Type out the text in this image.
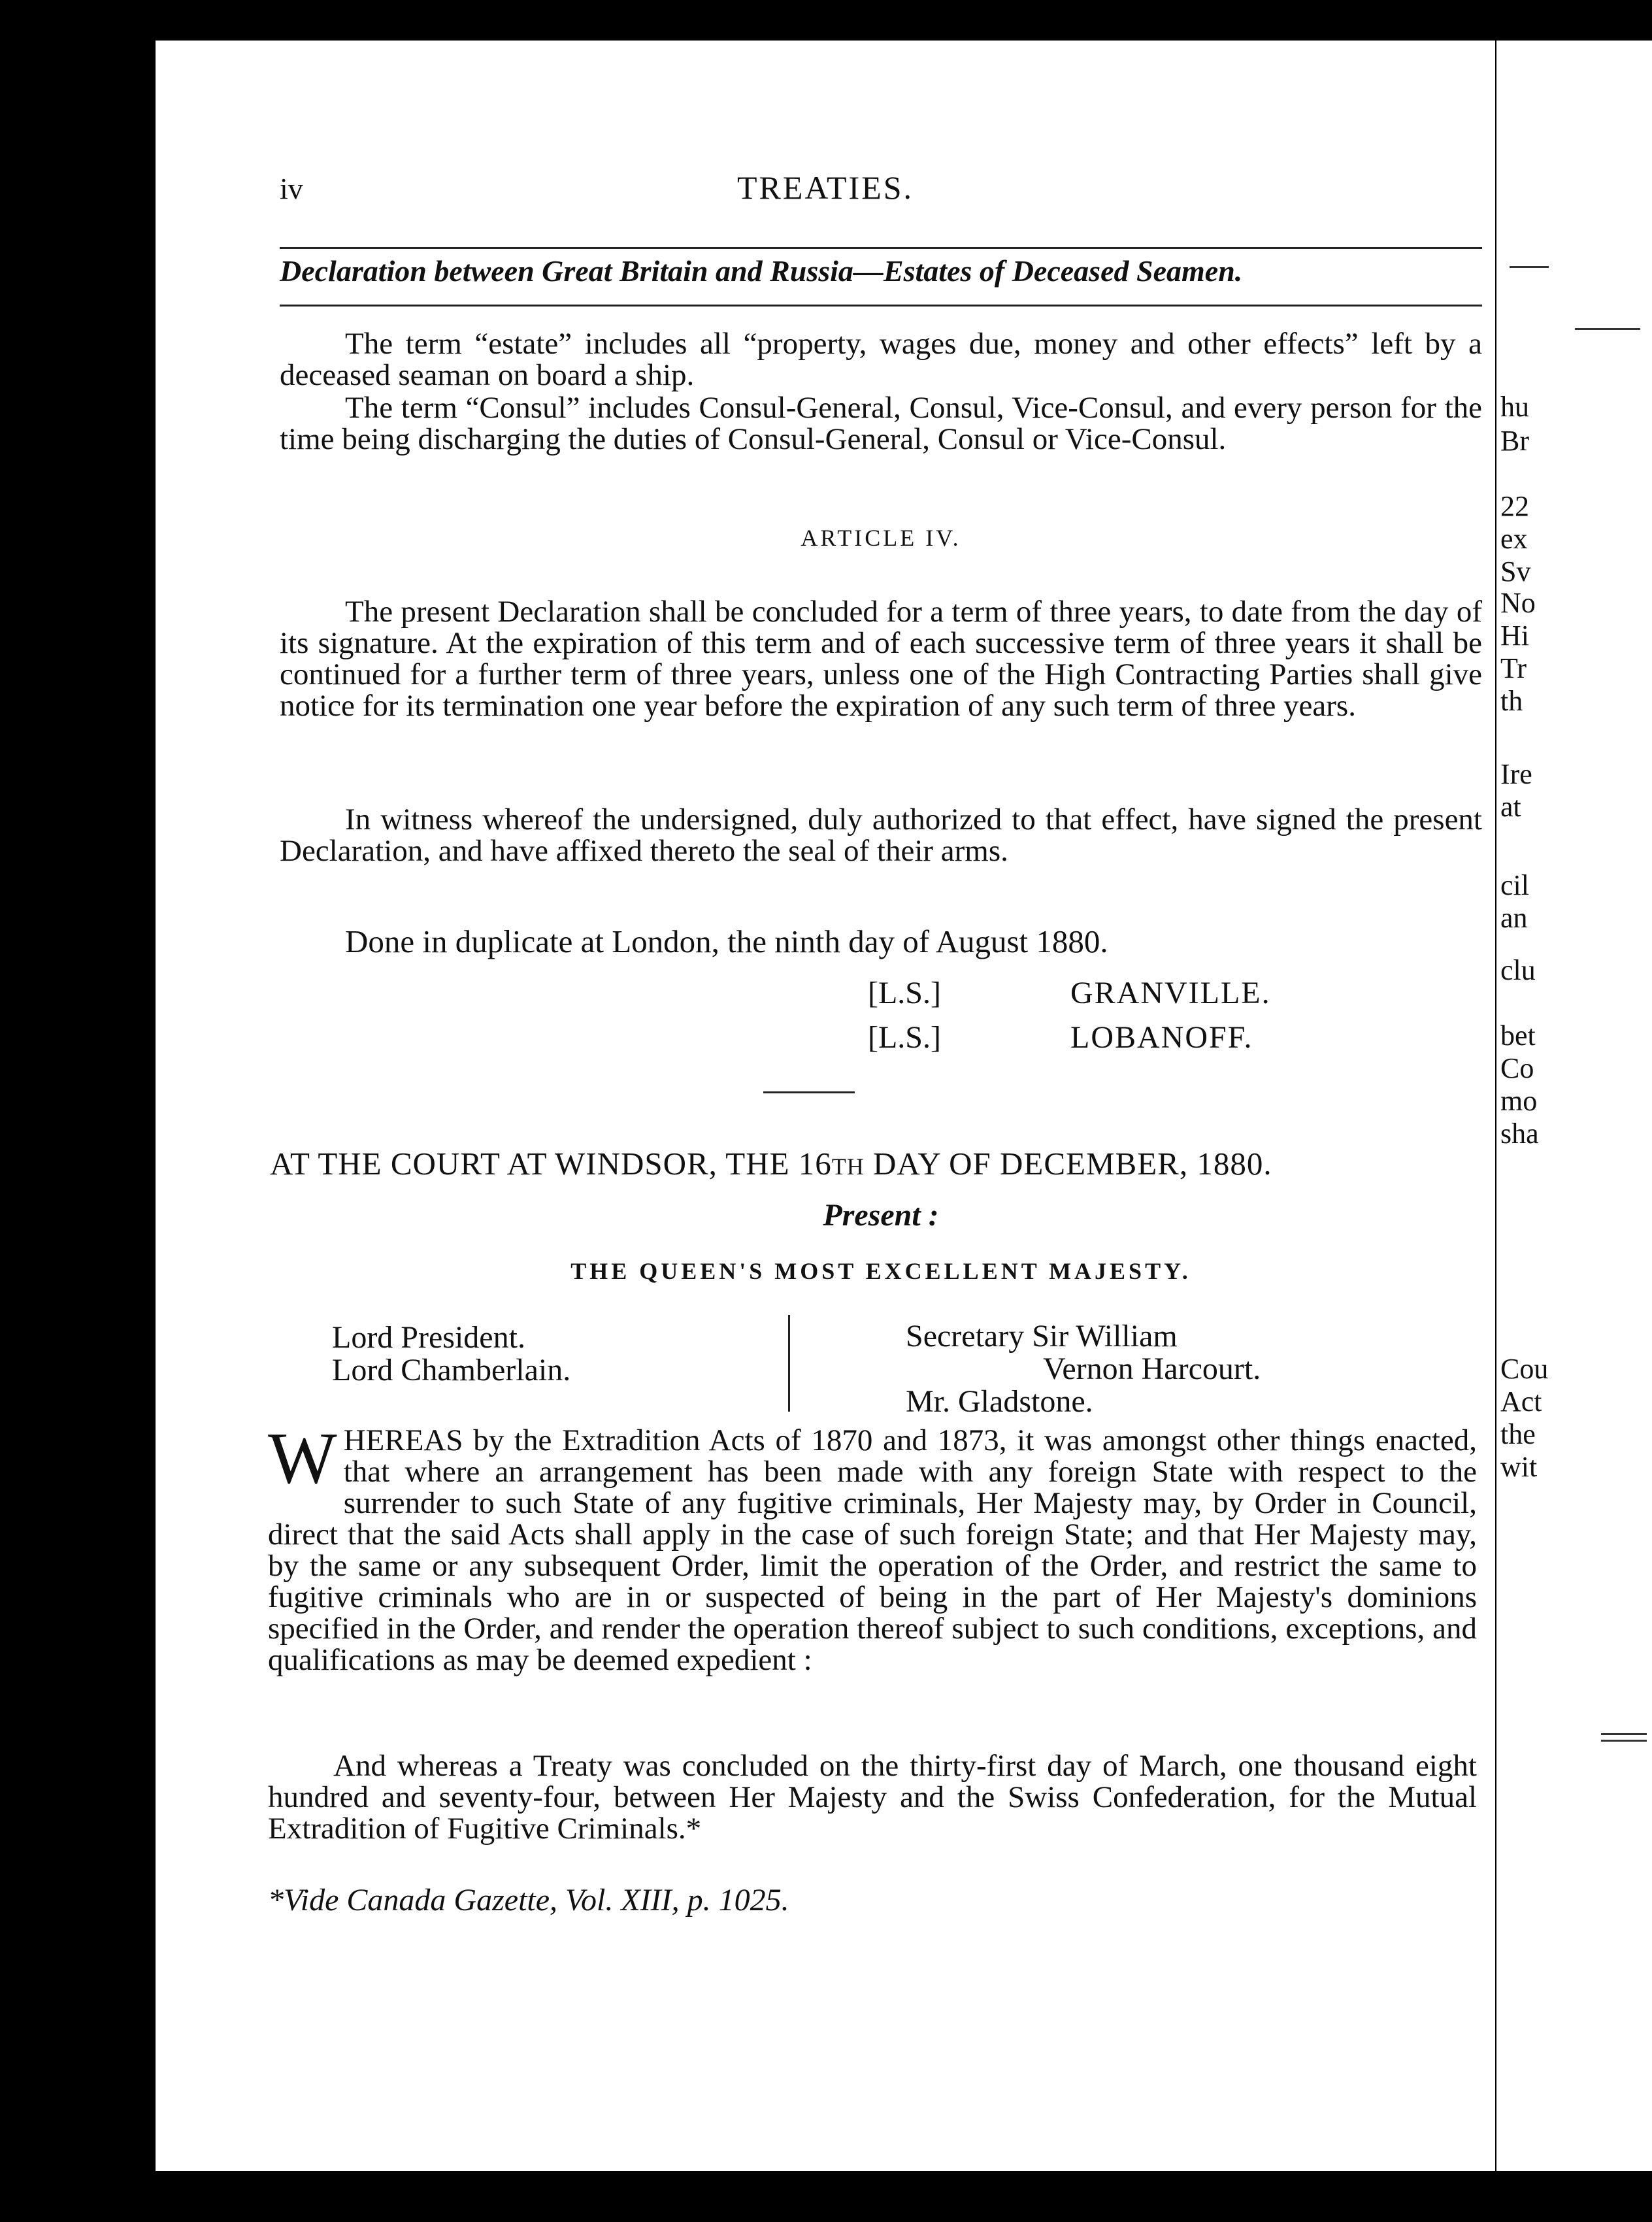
hu
Br
22
ex
Sv
No
Hi
Tr
th
Ire
at
cil
an
clu
bet
Co
mo
sha
Cou
Act
the
wit
iv	TREATIES.
Declaration between Great Britain and Russia—Estates of Deceased Seamen.
The term “estate” includes all “property, wages due, money and other effects” left by a deceased seaman on board a ship.
The term “Consul” includes Consul-General, Consul, Vice-Consul, and every person for the time being discharging the duties of Consul-General, Consul or Vice-Consul.
ARTICLE IV.
The present Declaration shall be concluded for a term of three years, to date from the day of its signature. At the expiration of this term and of each successive term of three years it shall be continued for a further term of three years, unless one of the High Contracting Parties shall give notice for its termination one year before the expiration of any such term of three years.
In witness whereof the undersigned, duly authorized to that effect, have signed the present Declaration, and have affixed thereto the seal of their arms.
Done in duplicate at London, the ninth day of August 1880.
[L.S.]	GRANVILLE.
[L.S.]	LOBANOFF.
AT THE COURT AT WINDSOR, THE 16TH DAY OF DECEMBER, 1880.
Present :
THE QUEEN'S MOST EXCELLENT MAJESTY.
Lord President.
Lord Chamberlain.
Secretary Sir William
Vernon Harcourt.
Mr. Gladstone.
W HEREAS by the Extradition Acts of 1870 and 1873, it was amongst other things enacted, that where an arrangement has been made with any foreign State with respect to the surrender to such State of any fugitive criminals, Her Majesty may, by Order in Council, direct that the said Acts shall apply in the case of such foreign State; and that Her Majesty may, by the same or any subsequent Order, limit the operation of the Order, and restrict the same to fugitive criminals who are in or suspected of being in the part of Her Majesty's dominions specified in the Order, and render the operation thereof subject to such conditions, exceptions, and qualifications as may be deemed expedient :
And whereas a Treaty was concluded on the thirty-first day of March, one thousand eight hundred and seventy-four, between Her Majesty and the Swiss Confederation, for the Mutual Extradition of Fugitive Criminals.*
*Vide Canada Gazette, Vol. XIII, p. 1025.
